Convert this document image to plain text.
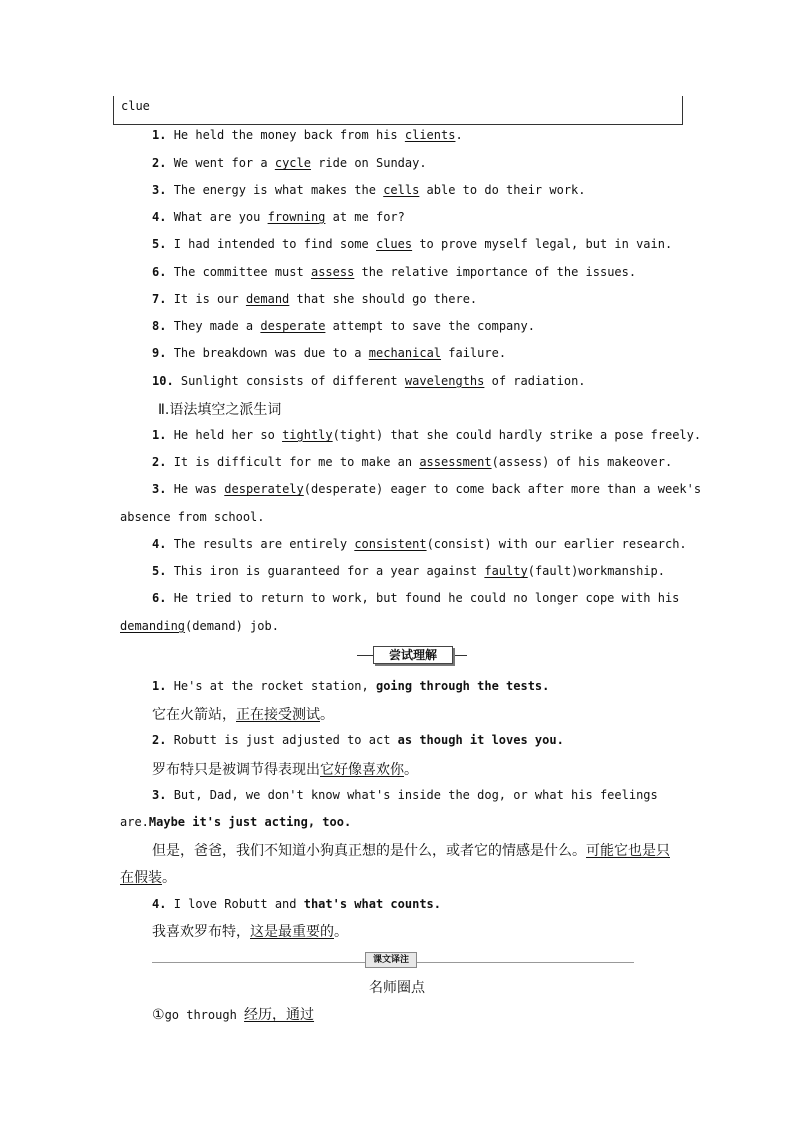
clue
1. He held the money back from his clients.
2. We went for a cycle ride on Sunday.
3. The energy is what makes the cells able to do their work.
4. What are you frowning at me for?
5. I had intended to find some clues to prove myself legal, but in vain.
6. The committee must assess the relative importance of the issues.
7. It is our demand that she should go there.
8. They made a desperate attempt to save the company.
9. The breakdown was due to a mechanical failure.
10. Sunlight consists of different wavelengths of radiation.
Ⅱ.语法填空之派生词
1. He held her so tightly(tight) that she could hardly strike a pose freely.
2. It is difficult for me to make an assessment(assess) of his makeover.
3. He was desperately(desperate) eager to come back after more than a week's
absence from school.
4. The results are entirely consistent(consist) with our earlier research.
5. This iron is guaranteed for a year against faulty(fault)workmanship.
6. He tried to return to work, but found he could no longer cope with his
demanding(demand) job.
尝试理解
1. He's at the rocket station, going through the tests.
它在火箭站，正在接受测试。
2. Robutt is just adjusted to act as though it loves you.
罗布特只是被调节得表现出它好像喜欢你。
3. But, Dad, we don't know what's inside the dog, or what his feelings
are.Maybe it's just acting, too.
但是，爸爸，我们不知道小狗真正想的是什么，或者它的情感是什么。可能它也是只
在假装。
4. I love Robutt and that's what counts.
我喜欢罗布特，这是最重要的。
课文译注
名师圈点
①go through 经历，通过
